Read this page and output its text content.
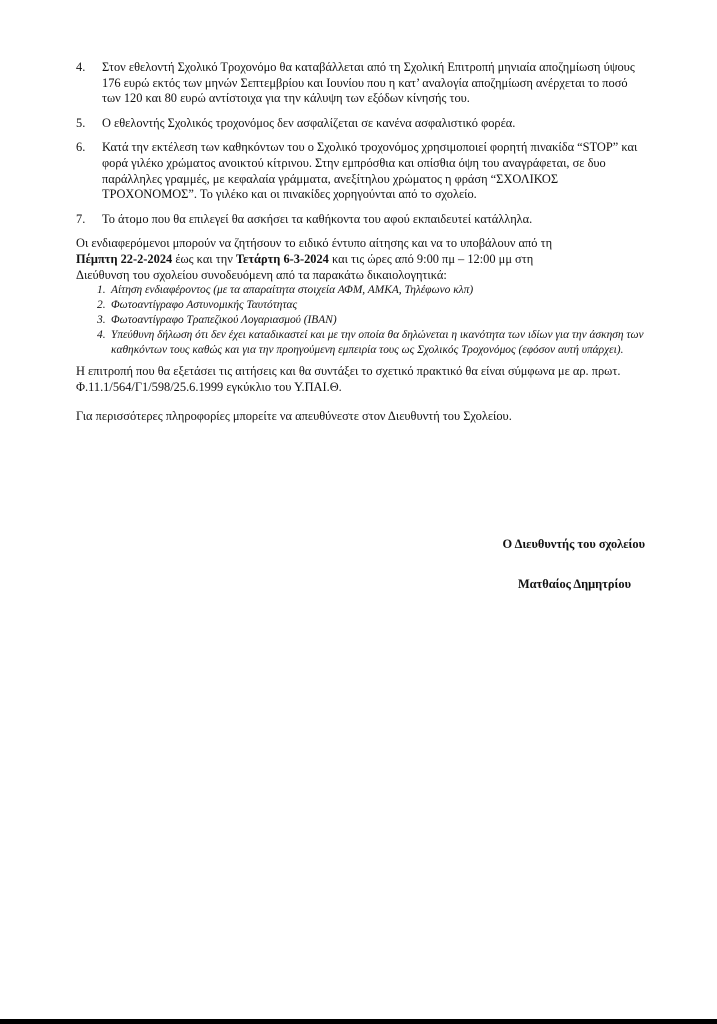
4.	Στον εθελοντή Σχολικό Τροχονόμο θα καταβάλλεται από τη Σχολική Επιτροπή μηνιαία αποζημίωση ύψους 176 ευρώ εκτός των μηνών Σεπτεμβρίου και Ιουνίου που η κατ’ αναλογία αποζημίωση ανέρχεται το ποσό των 120 και 80 ευρώ αντίστοιχα για την κάλυψη των εξόδων κίνησής του.
5.	Ο εθελοντής Σχολικός τροχονόμος δεν ασφαλίζεται σε κανένα ασφαλιστικό φορέα.
6.	Κατά την εκτέλεση των καθηκόντων του ο Σχολικό τροχονόμος χρησιμοποιεί φορητή πινακίδα “STOP” και φορά γιλέκο χρώματος ανοικτού κίτρινου. Στην εμπρόσθια και οπίσθια όψη του αναγράφεται, σε δυο παράλληλες γραμμές, με κεφαλαία γράμματα, ανεξίτηλου χρώματος η φράση “ΣΧΟΛΙΚΟΣ ΤΡΟΧΟΝΟΜΟΣ”. Το γιλέκο και οι πινακίδες χορηγούνται από το σχολείο.
7.	Το άτομο που θα επιλεγεί θα ασκήσει τα καθήκοντα του αφού εκπαιδευτεί κατάλληλα.

Οι ενδιαφερόμενοι μπορούν να ζητήσουν το ειδικό έντυπο αίτησης και να το υποβάλουν από τη

Πέμπτη 22-2-2024 έως και την Τετάρτη 6-3-2024 και τις ώρες από 9:00 πμ – 12:00 μμ στη

Διεύθυνση του σχολείου συνοδευόμενη από τα παρακάτω δικαιολογητικά:

1. Αίτηση ενδιαφέροντος (με τα απαραίτητα στοιχεία ΑΦΜ, ΑΜΚΑ, Τηλέφωνο κλπ)
2. Φωτοαντίγραφο Αστυνομικής Ταυτότητας
3. Φωτοαντίγραφο Τραπεζικού Λογαριασμού (IBAN)
4. Υπεύθυνη δήλωση ότι δεν έχει καταδικαστεί και με την οποία θα δηλώνεται η ικανότητα των ιδίων για την άσκηση των καθηκόντων τους καθώς και για την προηγούμενη εμπειρία τους ως Σχολικός Τροχονόμος (εφόσον αυτή υπάρχει).

Η επιτροπή που θα εξετάσει τις αιτήσεις και θα συντάξει το σχετικό πρακτικό θα είναι σύμφωνα με αρ. πρωτ. Φ.11.1/564/Γ1/598/25.6.1999 εγκύκλιο του Υ.ΠΑΙ.Θ.

Για περισσότερες πληροφορίες μπορείτε να απευθύνεστε στον Διευθυντή του Σχολείου.

Ο Διευθυντής του σχολείου
Ματθαίος Δημητρίου
